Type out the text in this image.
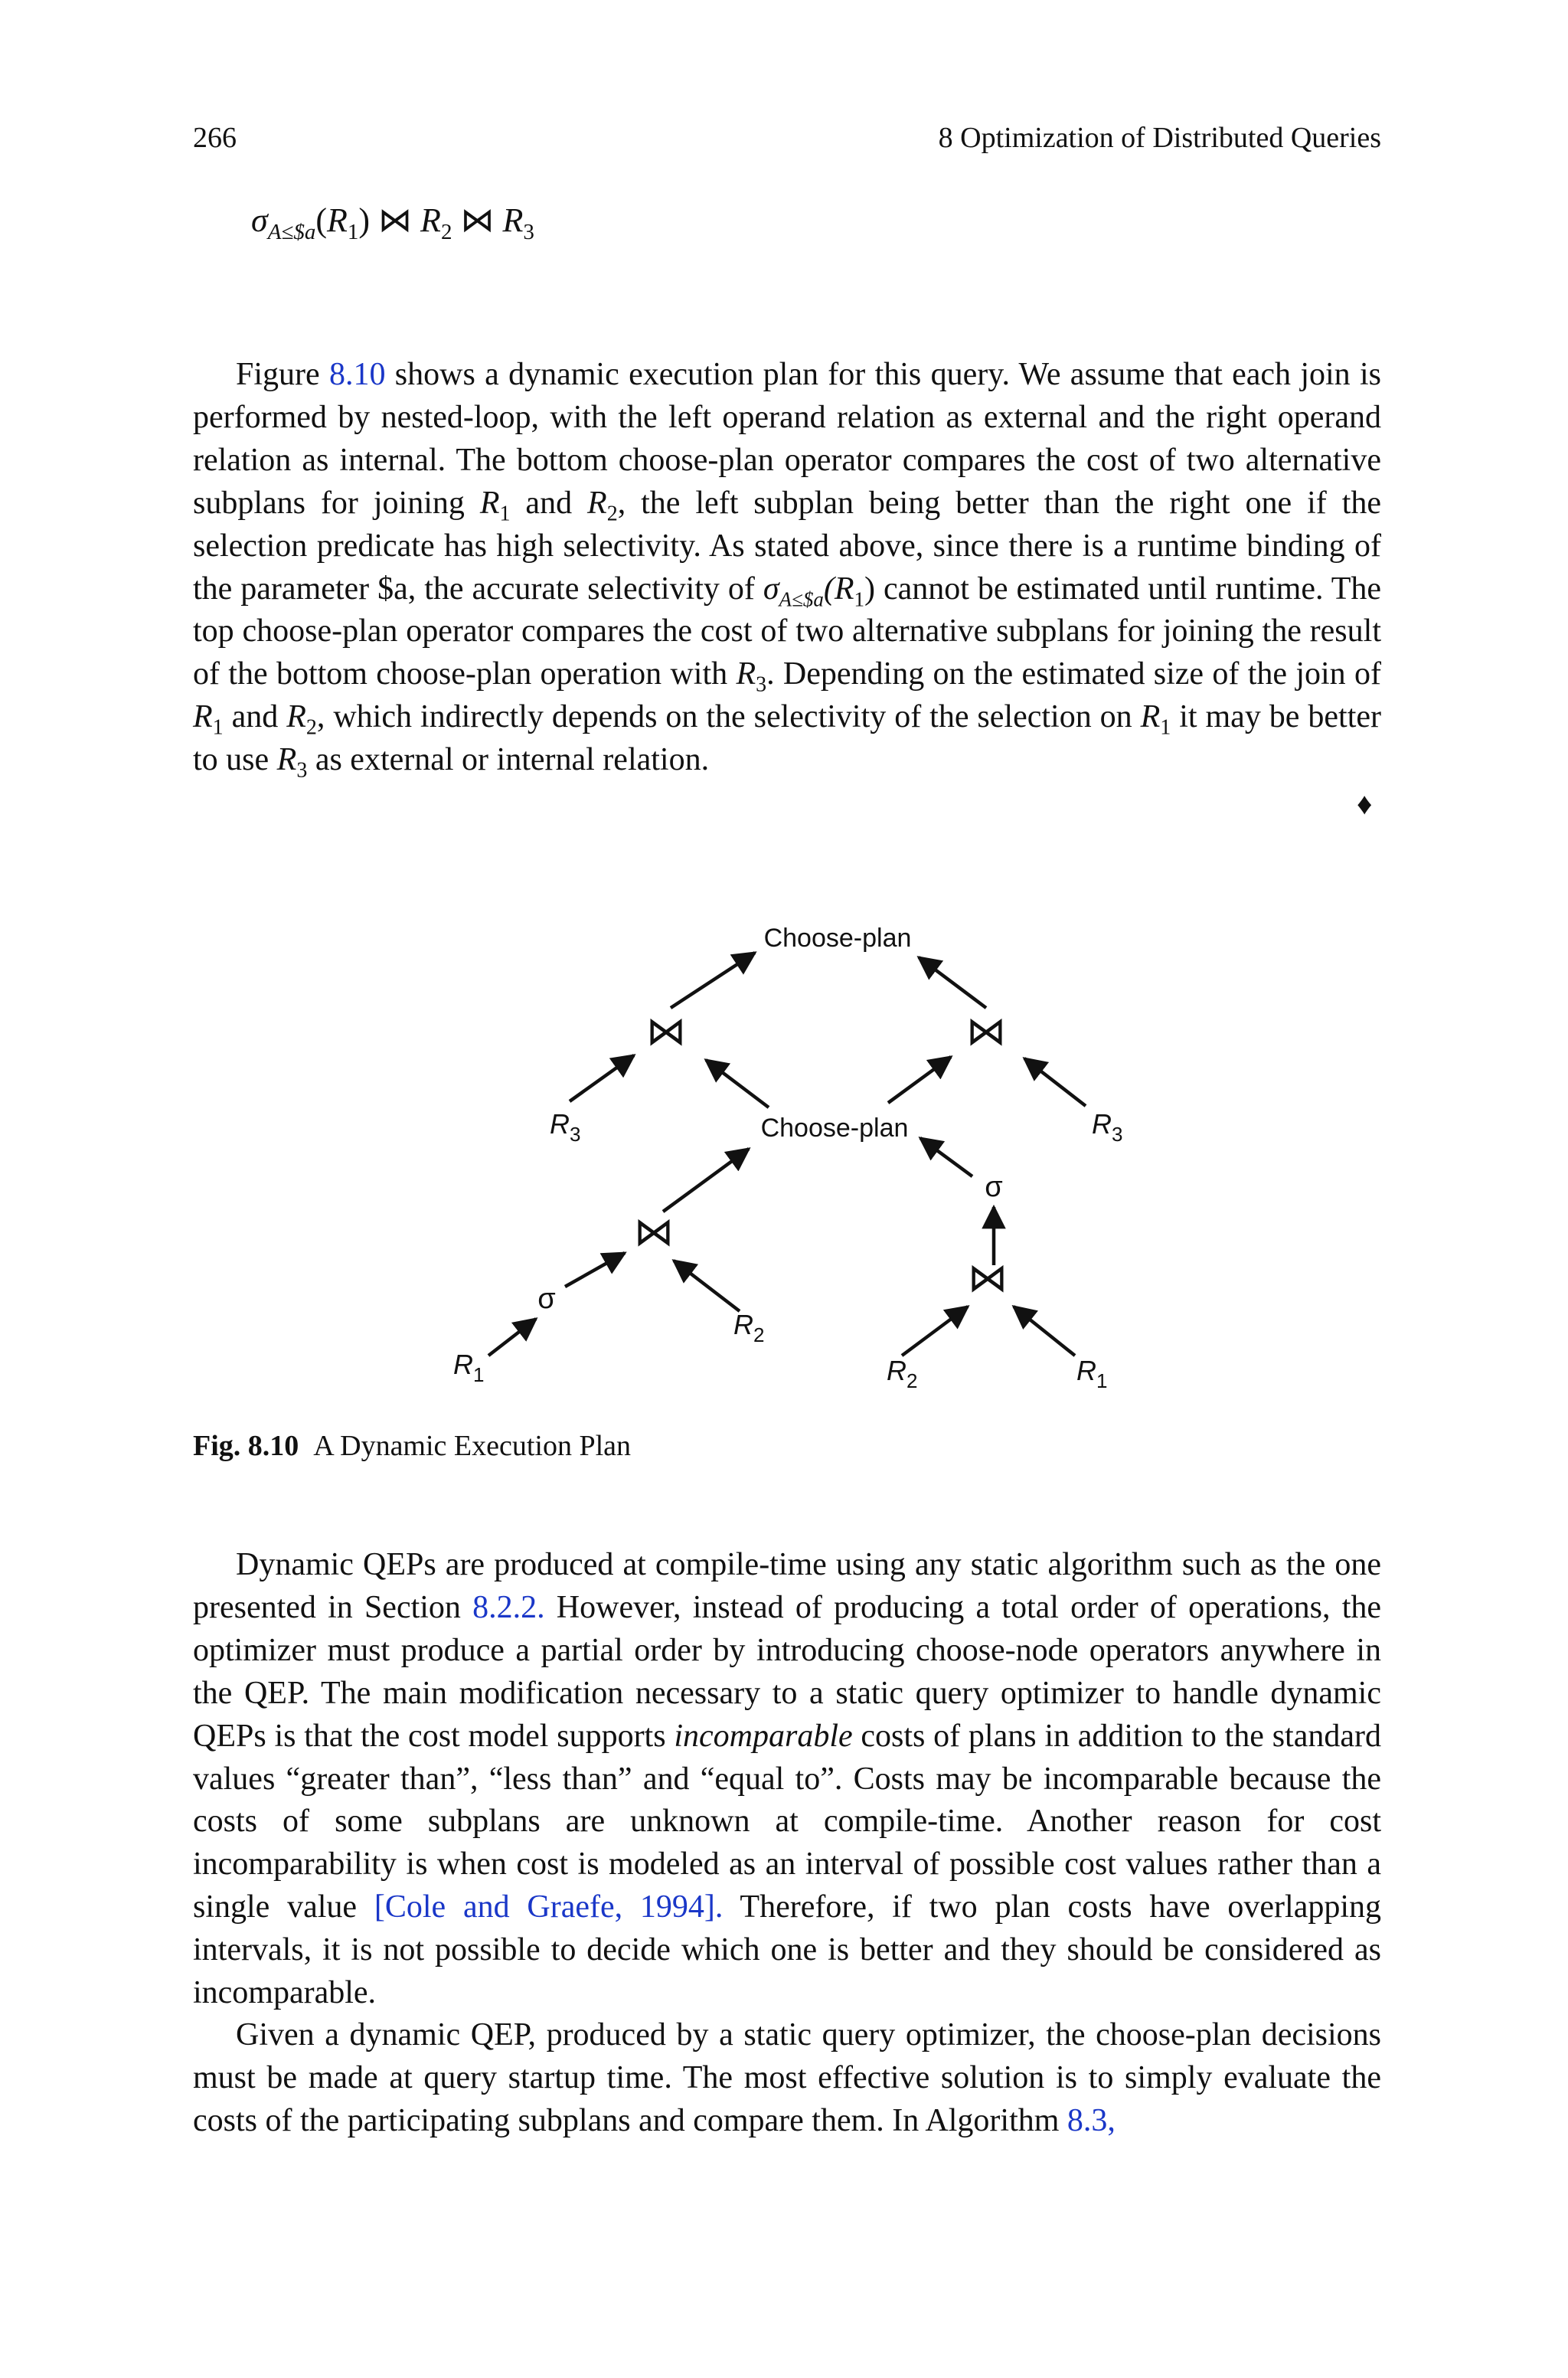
266	8 Optimization of Distributed Queries
$\sigma_{A\le\$a}(R_1)$ ⋈ $R_2$ ⋈ $R_3$

Figure 8.10 shows a dynamic execution plan for this query. We assume that each join is performed by nested-loop, with the left operand relation as external and the right operand relation as internal. The bottom choose-plan operator compares the cost of two alternative subplans for joining $R_1$ and $R_2$, the left subplan being better than the right one if the selection predicate has high selectivity. As stated above, since there is a runtime binding of the parameter $a, the accurate selectivity of $\sigma_{A\le\$a}(R_1)$ cannot be estimated until runtime. The top choose-plan operator compares the cost of two alternative subplans for joining the result of the bottom choose-plan operation with $R_3$. Depending on the estimated size of the join of $R_1$ and $R_2$, which indirectly depends on the selectivity of the selection on $R_1$ it may be better to use $R_3$ as external or internal relation.

♦
Choose-plan
Choose-plan
⋈	⋈
⋈
⋈
σ
σ
$R_3$	$R_3$
$R_2$
$R_1$	$R_2$	$R_1$
Fig. 8.10 A Dynamic Execution Plan

Dynamic QEPs are produced at compile-time using any static algorithm such as the one presented in Section 8.2.2. However, instead of producing a total order of operations, the optimizer must produce a partial order by introducing choose-node operators anywhere in the QEP. The main modification necessary to a static query optimizer to handle dynamic QEPs is that the cost model supports incomparable costs of plans in addition to the standard values “greater than”, “less than” and “equal to”. Costs may be incomparable because the costs of some subplans are unknown at compile-time. Another reason for cost incomparability is when cost is modeled as an interval of possible cost values rather than a single value [Cole and Graefe, 1994]. Therefore, if two plan costs have overlapping intervals, it is not possible to decide which one is better and they should be considered as incomparable.

Given a dynamic QEP, produced by a static query optimizer, the choose-plan decisions must be made at query startup time. The most effective solution is to simply evaluate the costs of the participating subplans and compare them. In Algorithm 8.3,
